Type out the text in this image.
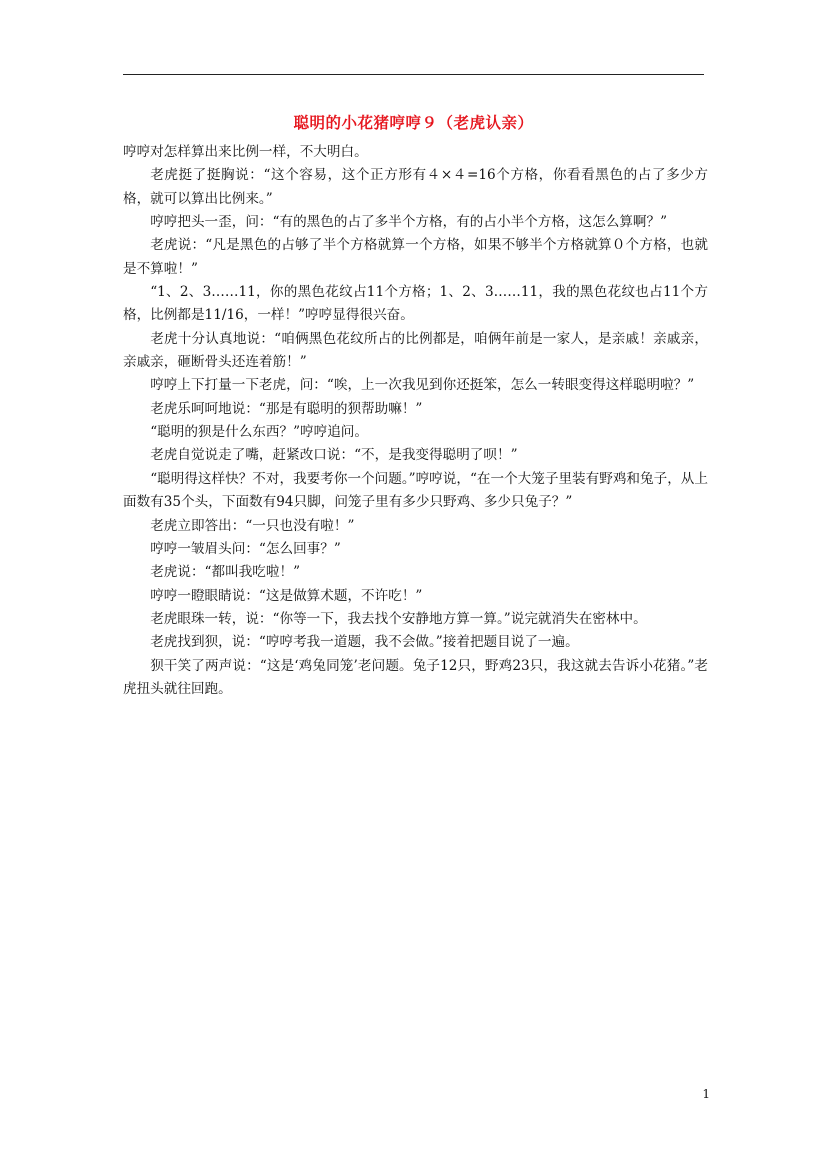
聪明的小花猪哼哼９（老虎认亲）

哼哼对怎样算出来比例一样，不大明白。

老虎挺了挺胸说：“这个容易，这个正方形有４×４=16个方格，你看看黑色的占了多少方格，就可以算出比例来。”

哼哼把头一歪，问：“有的黑色的占了多半个方格，有的占小半个方格，这怎么算啊？”

老虎说：“凡是黑色的占够了半个方格就算一个方格，如果不够半个方格就算０个方格，也就是不算啦！”

“1、2、3……11，你的黑色花纹占11个方格；1、2、3……11，我的黑色花纹也占11个方格，比例都是11/16，一样！”哼哼显得很兴奋。

老虎十分认真地说：“咱俩黑色花纹所占的比例都是，咱俩年前是一家人，是亲戚！亲戚亲，亲戚亲，砸断骨头还连着筋！”

哼哼上下打量一下老虎，问：“唉，上一次我见到你还挺笨，怎么一转眼变得这样聪明啦？”

老虎乐呵呵地说：“那是有聪明的狈帮助嘛！”

“聪明的狈是什么东西？”哼哼追问。

老虎自觉说走了嘴，赶紧改口说：“不，是我变得聪明了呗！”

“聪明得这样快？不对，我要考你一个问题。”哼哼说，“在一个大笼子里装有野鸡和兔子，从上面数有35个头，下面数有94只脚，问笼子里有多少只野鸡、多少只兔子？”

老虎立即答出：“一只也没有啦！”

哼哼一皱眉头问：“怎么回事？”

老虎说：“都叫我吃啦！”

哼哼一瞪眼睛说：“这是做算术题，不许吃！”

老虎眼珠一转，说：“你等一下，我去找个安静地方算一算。”说完就消失在密林中。

老虎找到狈，说：“哼哼考我一道题，我不会做。”接着把题目说了一遍。

狈干笑了两声说：“这是‘鸡兔同笼’老问题。兔子12只，野鸡23只，我这就去告诉小花猪。”老虎扭头就往回跑。

1
